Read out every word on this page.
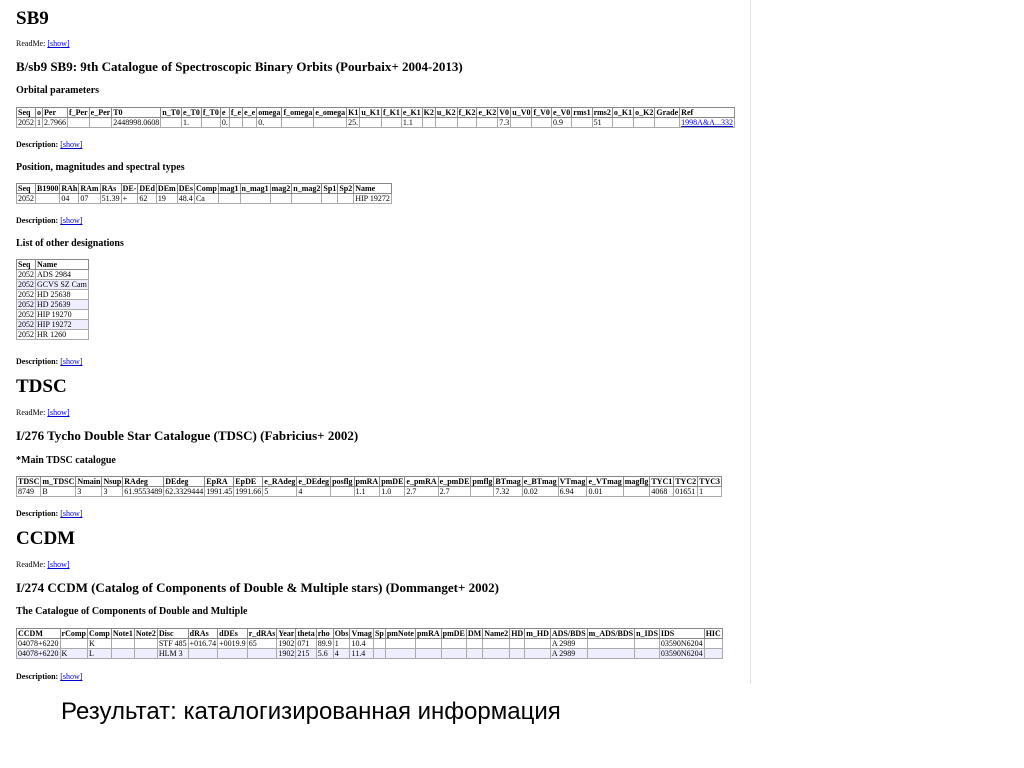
SB9
ReadMe: [show]
B/sb9 SB9: 9th Catalogue of Spectroscopic Binary Orbits (Pourbaix+ 2004-2013)
Orbital parameters
Seq	o	Per	f_Per	e_Per	T0	n_T0	e_T0	f_T0	e	f_e	e_e	omega	f_omega	e_omega	K1	u_K1	f_K1	e_K1	K2	u_K2	f_K2	e_K2	V0	u_V0	f_V0	e_V0	rms1	rms2	o_K1	o_K2	Grade	Ref
2052	1	2.7966			2448998.0608		1.		0.			0.			25.			1.1					7.3			0.9		51				1998A&A...332
Description: [show]
Position, magnitudes and spectral types
Seq	B1900	RAh	RAm	RAs	DE-	DEd	DEm	DEs	Comp	mag1	n_mag1	mag2	n_mag2	Sp1	Sp2	Name
2052		04	07	51.39	+	62	19	48.4	Ca							HIP 19272
Description: [show]
List of other designations
Seq	Name
2052	ADS 2984
2052	GCVS SZ Cam
2052	HD 25638
2052	HD 25639
2052	HIP 19270
2052	HIP 19272
2052	HR 1260
Description: [show]
TDSC
ReadMe: [show]
I/276 Tycho Double Star Catalogue (TDSC) (Fabricius+ 2002)
*Main TDSC catalogue
TDSC	m_TDSC	Nmain	Nsup	RAdeg	DEdeg	EpRA	EpDE	e_RAdeg	e_DEdeg	posflg	pmRA	pmDE	e_pmRA	e_pmDE	pmflg	BTmag	e_BTmag	VTmag	e_VTmag	magflg	TYC1	TYC2	TYC3
8749	B	3	3	61.9553489	62.3329444	1991.45	1991.66	5	4		1.1	1.0	2.7	2.7		7.32	0.02	6.94	0.01		4068	01651	1
Description: [show]
CCDM
ReadMe: [show]
I/274 CCDM (Catalog of Components of Double & Multiple stars) (Dommanget+ 2002)
The Catalogue of Components of Double and Multiple
CCDM	rComp	Comp	Note1	Note2	Disc	dRAs	dDEs	r_dRAs	Year	theta	rho	Obs	Vmag	Sp	pmNote	pmRA	pmDE	DM	Name2	HD	m_HD	ADS/BDS	m_ADS/BDS	n_IDS	IDS	HIC
04078+6220		K			STF 485	+016.74	+0019.9	65	1902	071	89.9	1	10.4									A 2989			03590N6204	
04078+6220	K	L			HLM 3				1902	215	5.6	4	11.4									A 2989			03590N6204	
Description: [show]
Результат: каталогизированная информация
